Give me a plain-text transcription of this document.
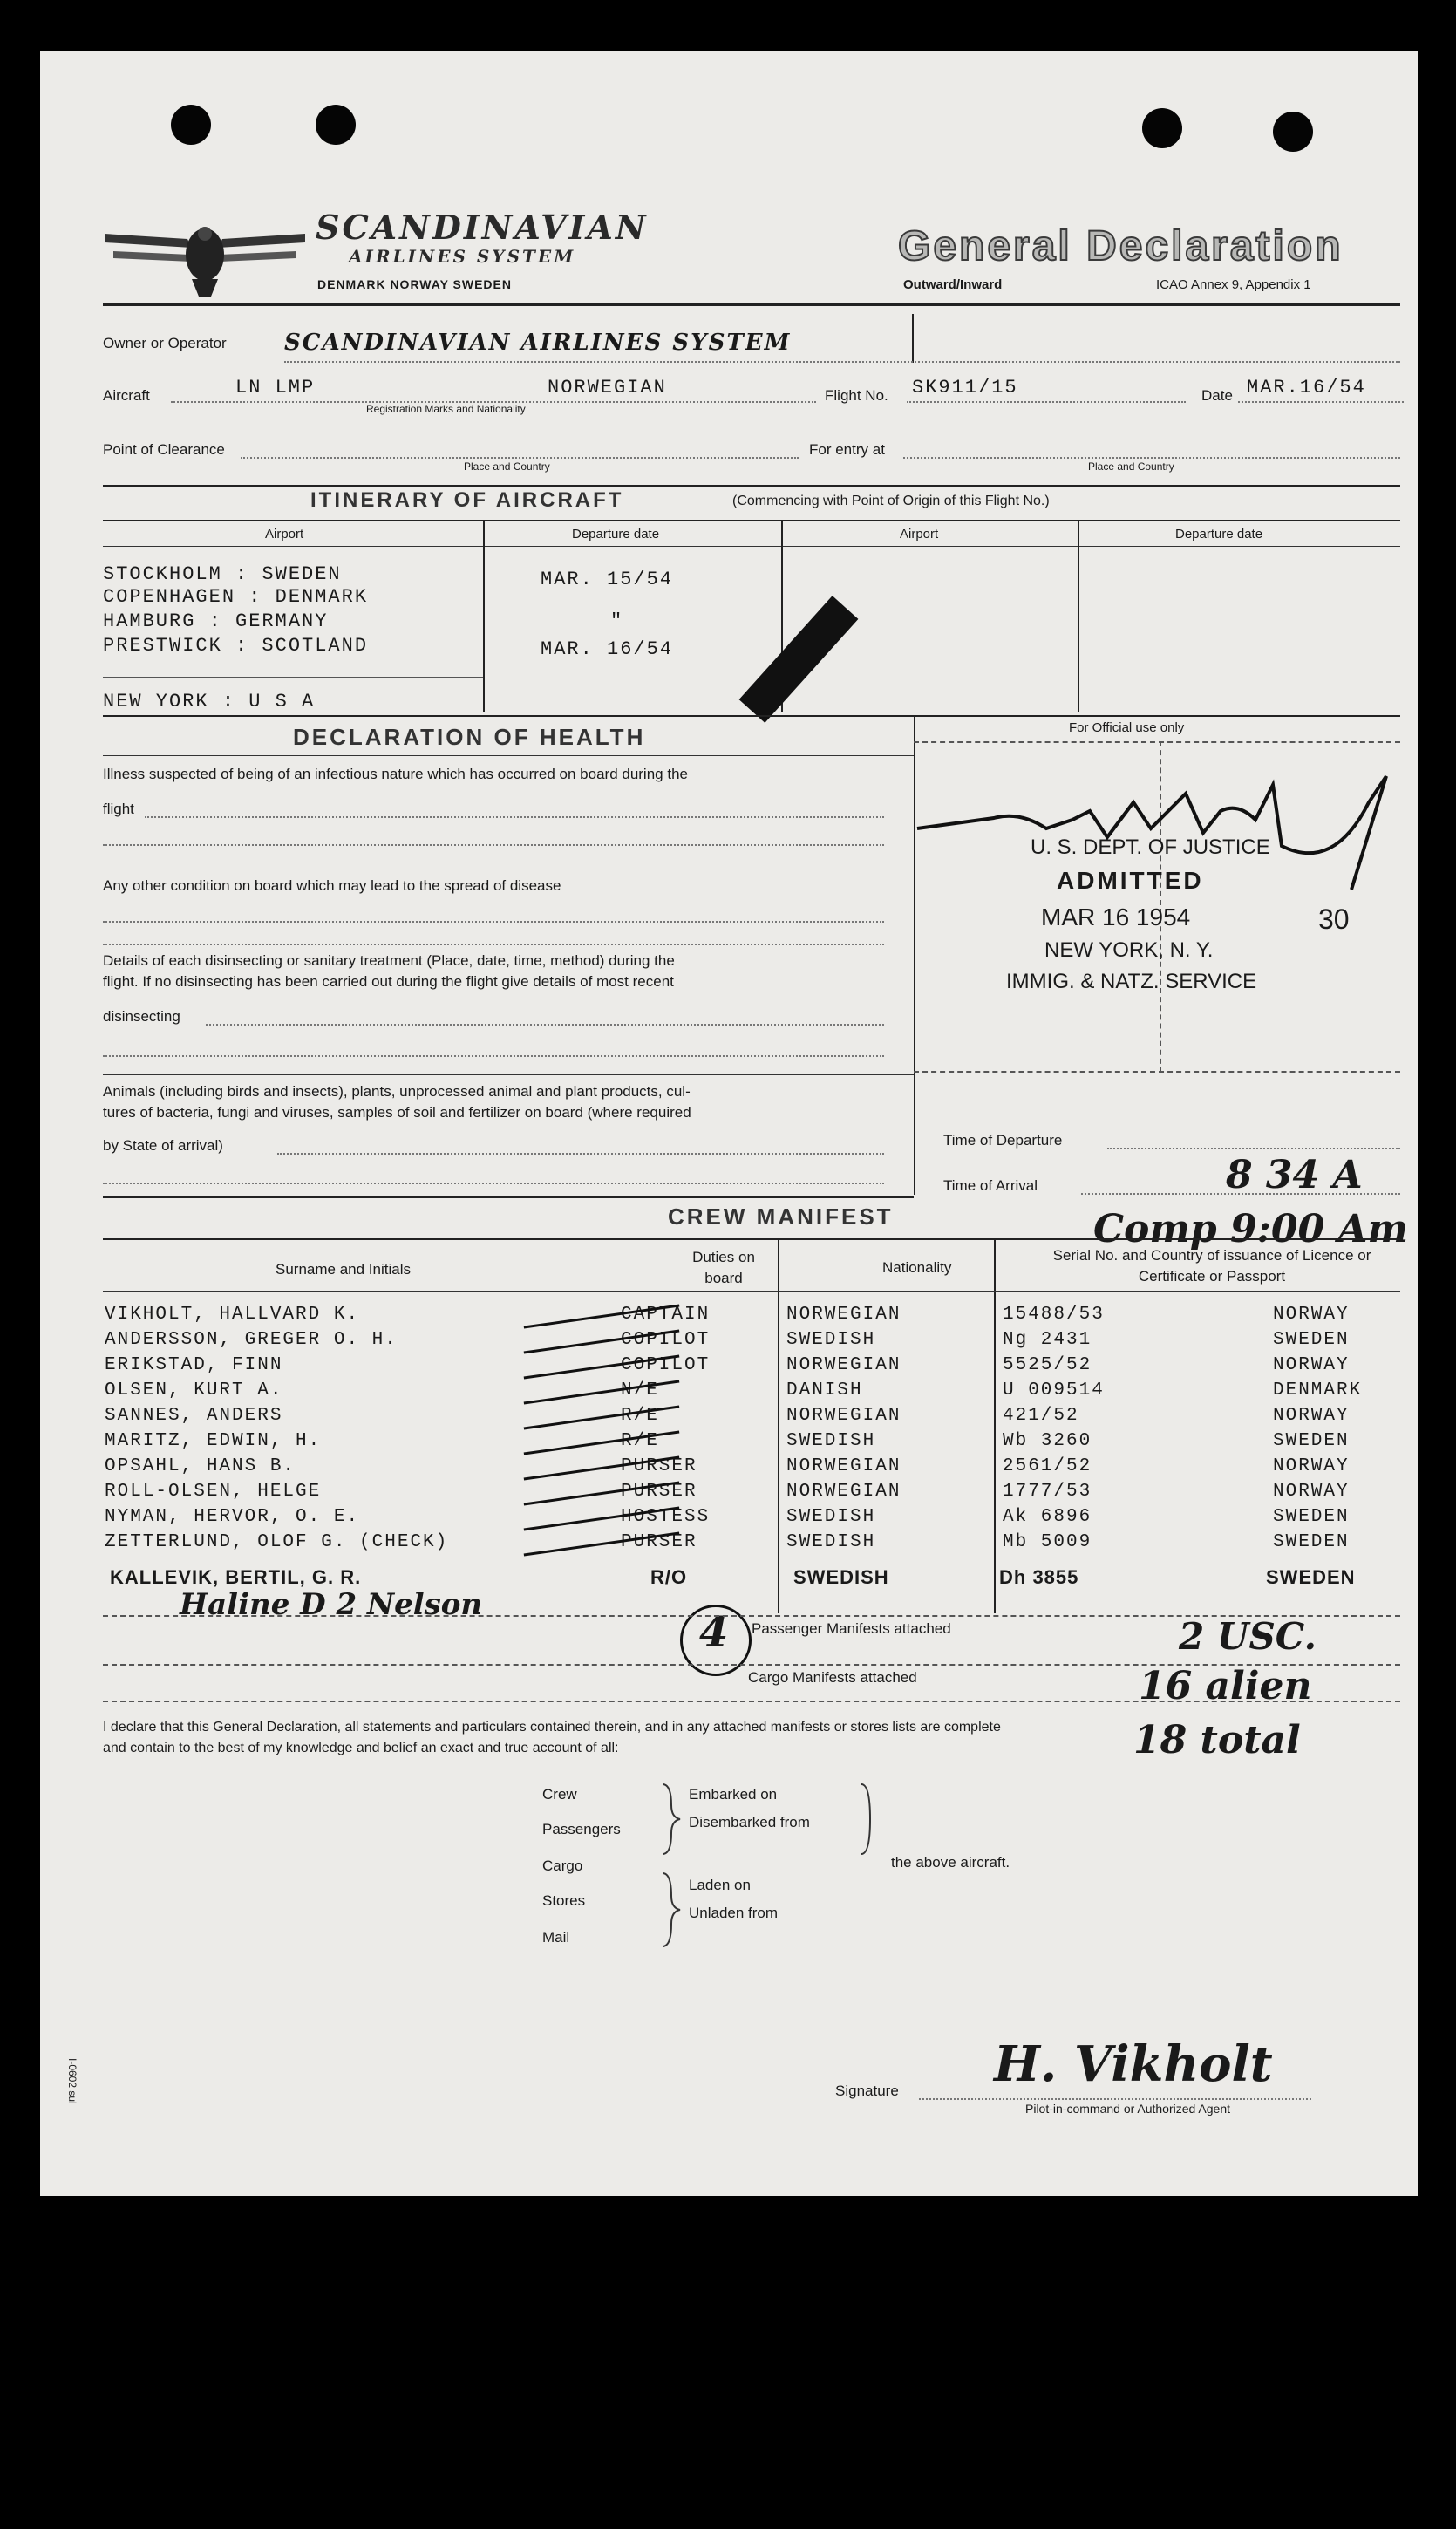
SCANDINAVIAN
AIRLINES SYSTEM
DENMARK NORWAY SWEDEN
General Declaration
Outward/Inward	ICAO Annex 9, Appendix 1
Owner or Operator	SCANDINAVIAN AIRLINES SYSTEM
Aircraft	LN LMP	NORWEGIAN
Registration Marks and Nationality
Flight No. SK911/15	Date MAR.16/54
Point of Clearance
Place and Country
For entry at
Place and Country
ITINERARY OF AIRCRAFT	(Commencing with Point of Origin of this Flight No.)
Airport	Departure date	Airport	Departure date
STOCKHOLM : SWEDEN	MAR. 15/54
COPENHAGEN : DENMARK
HAMBURG : GERMANY	"
PRESTWICK : SCOTLAND	MAR. 16/54
NEW YORK : U S A
DECLARATION OF HEALTH	For Official use only
Illness suspected of being of an infectious nature which has occurred on board during the
flight
Any other condition on board which may lead to the spread of disease
Details of each disinsecting or sanitary treatment (Place, date, time, method) during the
flight. If no disinsecting has been carried out during the flight give details of most recent
disinsecting
Animals (including birds and insects), plants, unprocessed animal and plant products, cul-
tures of bacteria, fungi and viruses, samples of soil and fertilizer on board (where required
by State of arrival)
U. S. DEPT. OF JUSTICE
ADMITTED
MAR 16 1954	30
NEW YORK, N. Y.
IMMIG. & NATZ. SERVICE
Time of Departure
Time of Arrival	8 34 A
Comp 9:00 Am
CREW MANIFEST
Surname and Initials
Duties on board
Nationality
Serial No. and Country of issuance of Licence or Certificate or Passport
VIKHOLT, HALLVARD K.	CAPTAIN	NORWEGIAN	15488/53	NORWAY
ANDERSSON, GREGER O. H.	COPILOT	SWEDISH	Ng 2431	SWEDEN
ERIKSTAD, FINN	COPILOT	NORWEGIAN	5525/52	NORWAY
OLSEN, KURT A.	N/E	DANISH	U 009514	DENMARK
SANNES, ANDERS	R/E	NORWEGIAN	421/52	NORWAY
MARITZ, EDWIN, H.	R/E	SWEDISH	Wb 3260	SWEDEN
OPSAHL, HANS B.	PURSER	NORWEGIAN	2561/52	NORWAY
ROLL-OLSEN, HELGE	PURSER	NORWEGIAN	1777/53	NORWAY
NYMAN, HERVOR, O. E.	HOSTESS	SWEDISH	Ak 6896	SWEDEN
ZETTERLUND, OLOF G. (CHECK)	PURSER	SWEDISH	Mb 5009	SWEDEN
KALLEVIK, BERTIL, G. R.	R/O	SWEDISH	Dh 3855	SWEDEN
Haline D 2 Nelson
4 Passenger Manifests attached
Cargo Manifests attached
2 USC.
16 alien
18 total
I declare that this General Declaration, all statements and particulars contained therein, and in any attached manifests or stores lists are complete
and contain to the best of my knowledge and belief an exact and true account of all:
Crew
Passengers
Embarked on
Disembarked from
Cargo
Stores
Mail
Laden on
Unladen from
the above aircraft.
I-0602 sul	Signature H. Vikholt
Pilot-in-command or Authorized Agent
